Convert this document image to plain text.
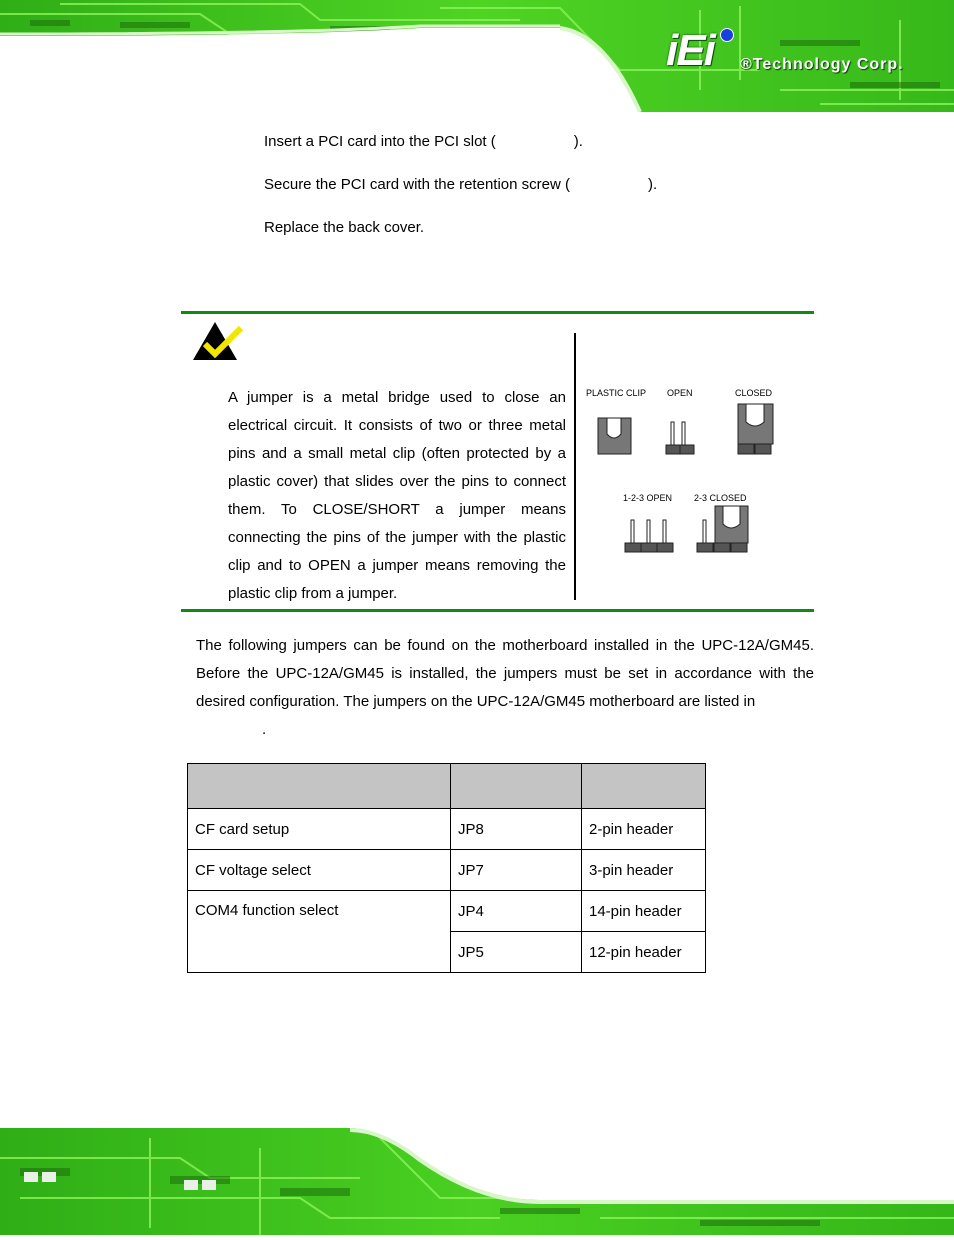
iEi ®Technology Corp.
Insert a PCI card into the PCI slot (	).
Secure the PCI card with the retention screw (	).
Replace the back cover.
A jumper is a metal bridge used to close an electrical circuit. It consists of two or three metal pins and a small metal clip (often protected by a plastic cover) that slides over the pins to connect them. To CLOSE/SHORT a jumper means connecting the pins of the jumper with the plastic clip and to OPEN a jumper means removing the plastic clip from a jumper.
PLASTIC CLIP OPEN	CLOSED
1-2-3 OPEN 2-3 CLOSED
The following jumpers can be found on the motherboard installed in the UPC-12A/GM45. Before the UPC-12A/GM45 is installed, the jumpers must be set in accordance with the desired configuration. The jumpers on the UPC-12A/GM45 motherboard are listed in
.

CF card setup	JP8	2-pin header
CF voltage select	JP7	3-pin header
COM4 function select	JP4	14-pin header
	JP5	12-pin header
